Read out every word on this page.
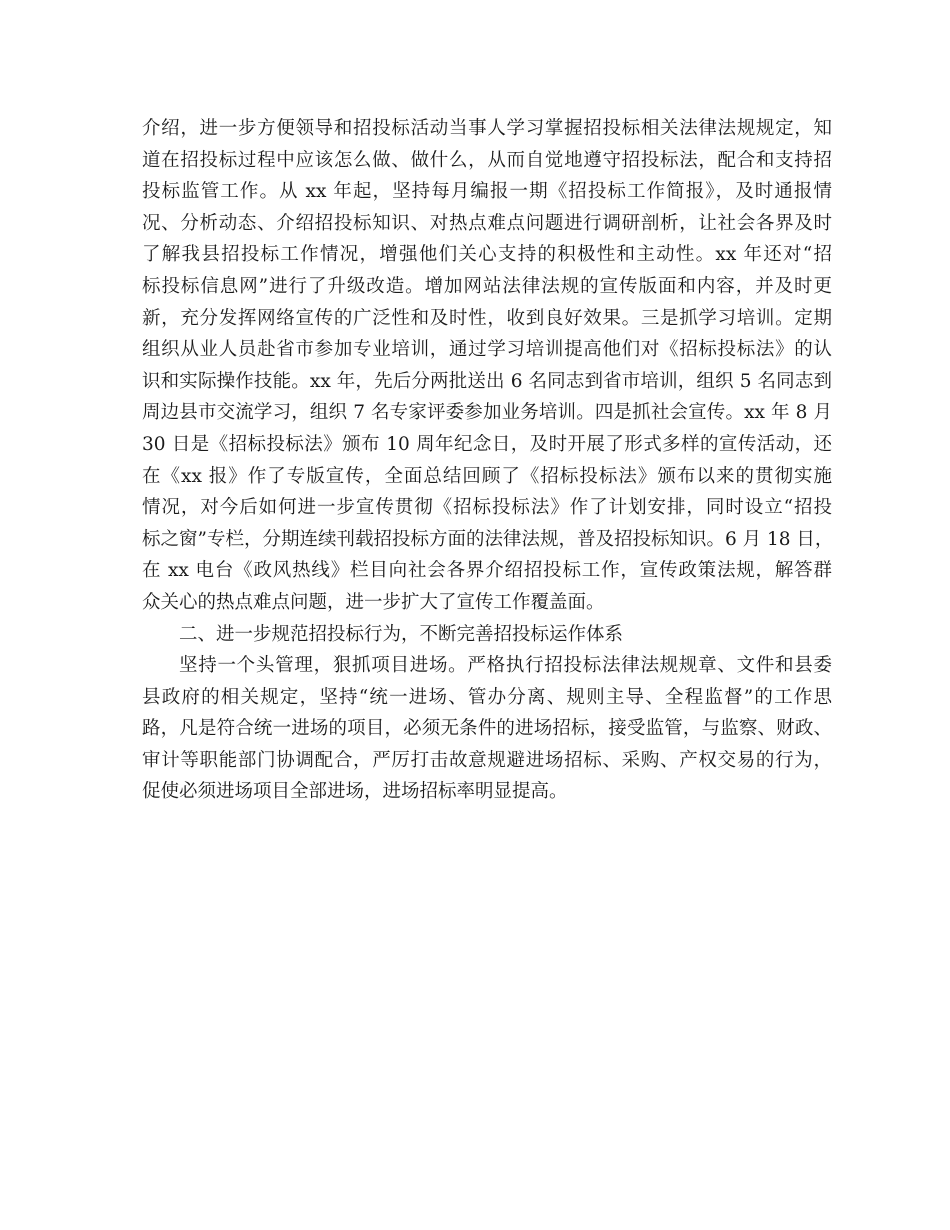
介绍，进一步方便领导和招投标活动当事人学习掌握招投标相关法律法规规定，知
道在招投标过程中应该怎么做、做什么，从而自觉地遵守招投标法，配合和支持招
投标监管工作。从 xx 年起，坚持每月编报一期《招投标工作简报》，及时通报情
况、分析动态、介绍招投标知识、对热点难点问题进行调研剖析，让社会各界及时
了解我县招投标工作情况，增强他们关心支持的积极性和主动性。xx 年还对“招
标投标信息网”进行了升级改造。增加网站法律法规的宣传版面和内容，并及时更
新，充分发挥网络宣传的广泛性和及时性，收到良好效果。三是抓学习培训。定期
组织从业人员赴省市参加专业培训，通过学习培训提高他们对《招标投标法》的认
识和实际操作技能。xx 年，先后分两批送出 6 名同志到省市培训，组织 5 名同志到
周边县市交流学习，组织 7 名专家评委参加业务培训。四是抓社会宣传。xx 年 8 月
30 日是《招标投标法》颁布 10 周年纪念日，及时开展了形式多样的宣传活动，还
在《xx 报》作了专版宣传，全面总结回顾了《招标投标法》颁布以来的贯彻实施
情况，对今后如何进一步宣传贯彻《招标投标法》作了计划安排，同时设立“招投
标之窗”专栏，分期连续刊载招投标方面的法律法规，普及招投标知识。6 月 18 日，
在 xx 电台《政风热线》栏目向社会各界介绍招投标工作，宣传政策法规，解答群
众关心的热点难点问题，进一步扩大了宣传工作覆盖面。
二、进一步规范招投标行为，不断完善招投标运作体系
坚持一个头管理，狠抓项目进场。严格执行招投标法律法规规章、文件和县委
县政府的相关规定，坚持“统一进场、管办分离、规则主导、全程监督”的工作思
路，凡是符合统一进场的项目，必须无条件的进场招标，接受监管，与监察、财政、
审计等职能部门协调配合，严厉打击故意规避进场招标、采购、产权交易的行为，
促使必须进场项目全部进场，进场招标率明显提高。
